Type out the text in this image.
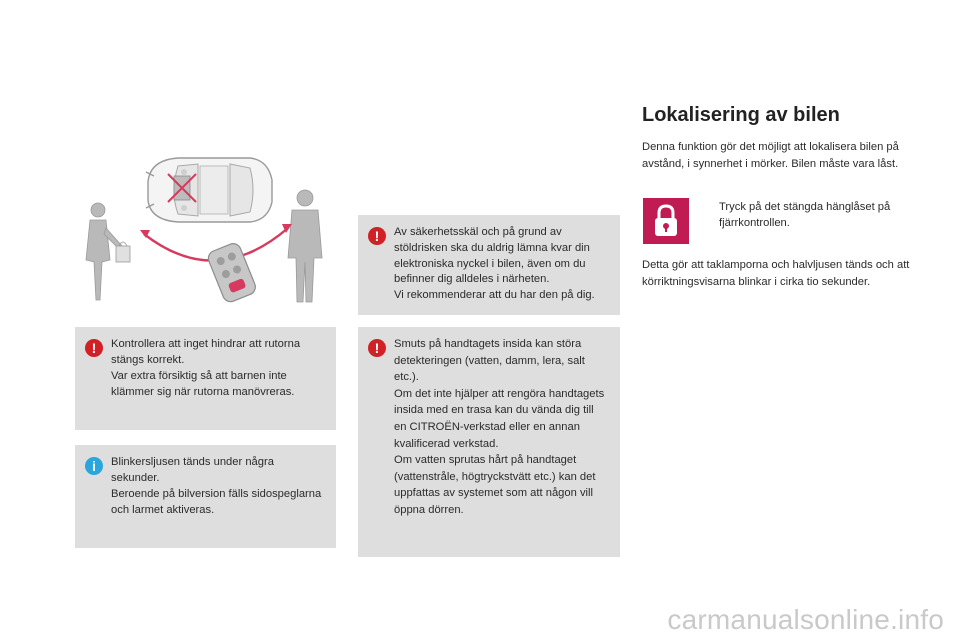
!	Av säkerhetsskäl och på grund av stöldrisken ska du aldrig lämna kvar din elektroniska nyckel i bilen, även om du befinner dig alldeles i närheten.

Vi rekommenderar att du har den på dig.

!	Kontrollera att inget hindrar att rutorna stängs korrekt.

Var extra försiktig så att barnen inte klämmer sig när rutorna manövreras.

!	Smuts på handtagets insida kan störa detekteringen (vatten, damm, lera, salt etc.).

Om det inte hjälper att rengöra handtagets insida med en trasa kan du vända dig till en CITROËN-verkstad eller en annan kvalificerad verkstad.

Om vatten sprutas hårt på handtaget (vattenstråle, högtryckstvätt etc.) kan det uppfattas av systemet som att någon vill öppna dörren.

i	Blinkersljusen tänds under några sekunder.

Beroende på bilversion fälls sidospeglarna och larmet aktiveras.

Lokalisering av bilen

Denna funktion gör det möjligt att lokalisera bilen på avstånd, i synnerhet i mörker. Bilen måste vara låst.

Tryck på det stängda hänglåset på fjärrkontrollen.

Detta gör att taklamporna och halvljusen tänds och att körriktningsvisarna blinkar i cirka tio sekunder.

carmanualsonline.info
